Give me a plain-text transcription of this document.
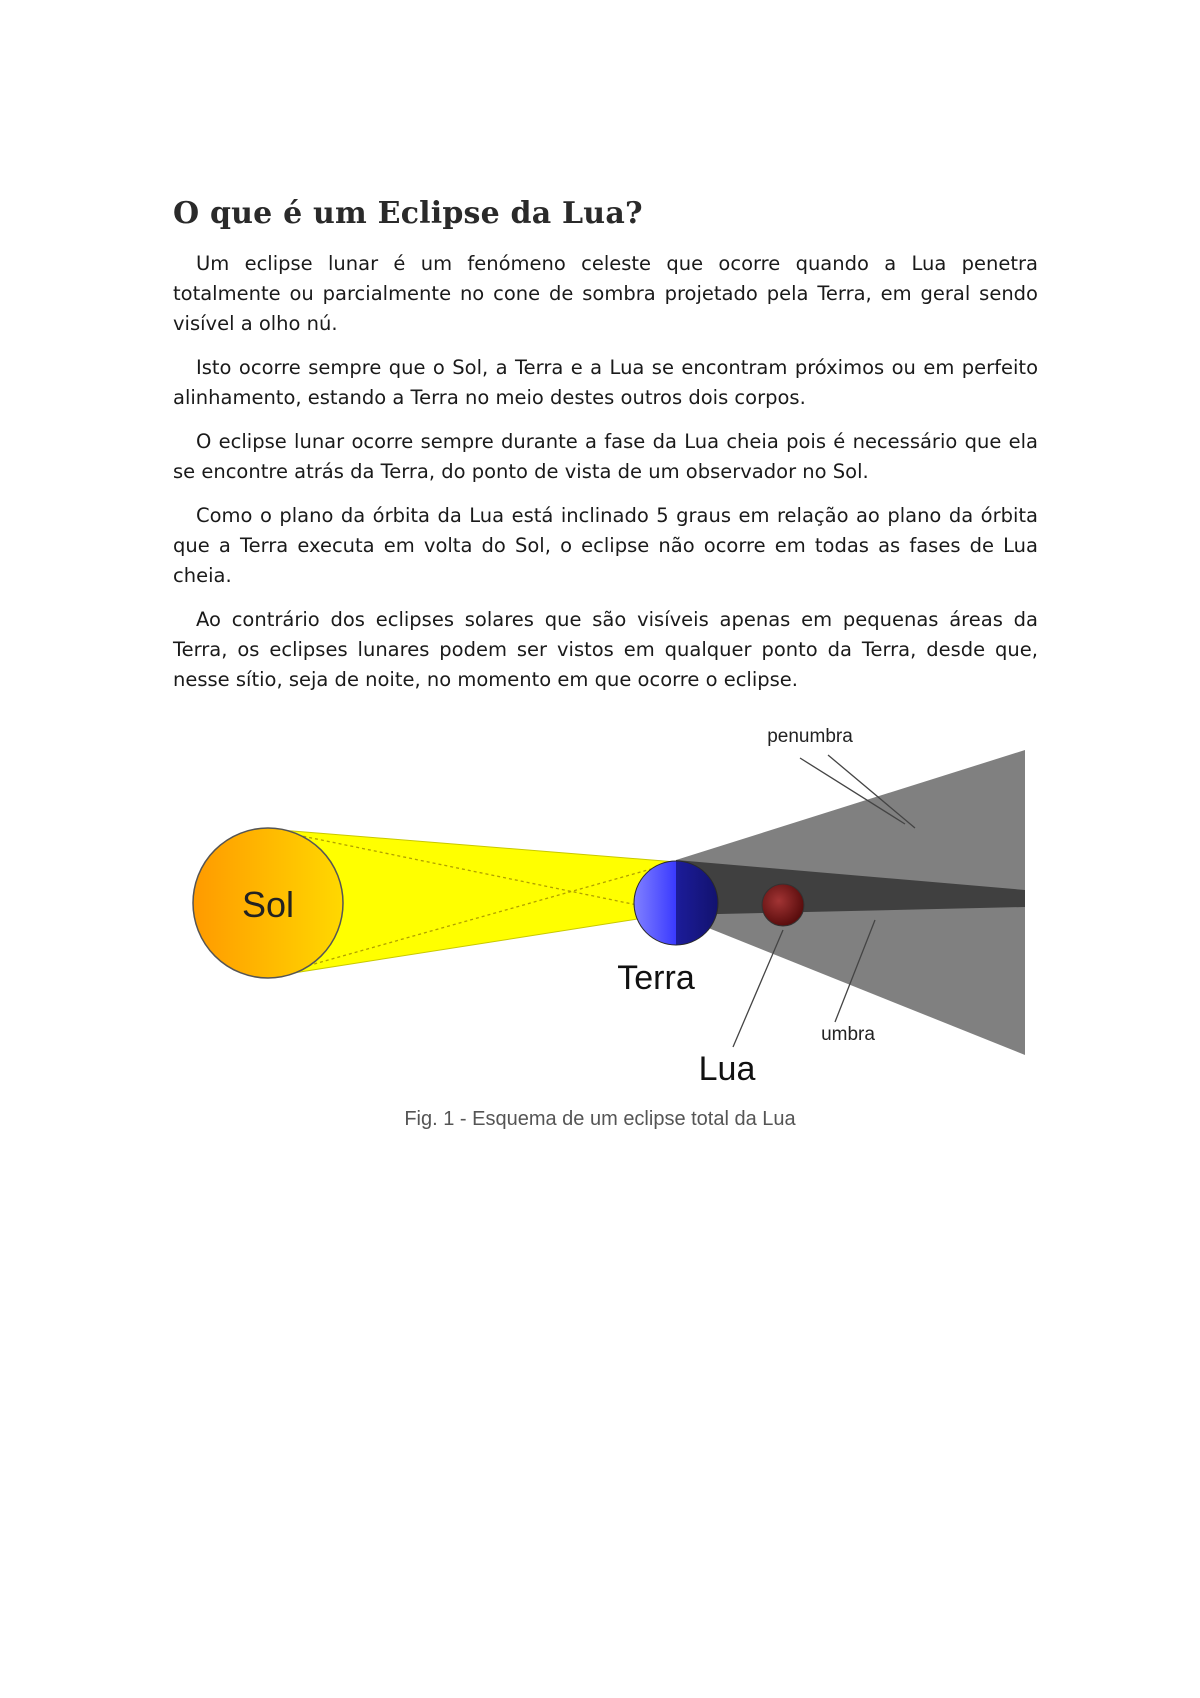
O que é um Eclipse da Lua?

Um eclipse lunar é um fenómeno celeste que ocorre quando a Lua penetra totalmente ou parcialmente no cone de sombra projetado pela Terra, em geral sendo visível a olho nú.

Isto ocorre sempre que o Sol, a Terra e a Lua se encontram próximos ou em perfeito alinhamento, estando a Terra no meio destes outros dois corpos.

O eclipse lunar ocorre sempre durante a fase da Lua cheia pois é necessário que ela se encontre atrás da Terra, do ponto de vista de um observador no Sol.

Como o plano da órbita da Lua está inclinado 5 graus em relação ao plano da órbita que a Terra executa em volta do Sol, o eclipse não ocorre em todas as fases de Lua cheia.

Ao contrário dos eclipses solares que são visíveis apenas em pequenas áreas da Terra, os eclipses lunares podem ser vistos em qualquer ponto da Terra, desde que, nesse sítio, seja de noite, no momento em que ocorre o eclipse.

Sol
Terra
Lua
penumbra
umbra
Fig. 1 - Esquema de um eclipse total da Lua
